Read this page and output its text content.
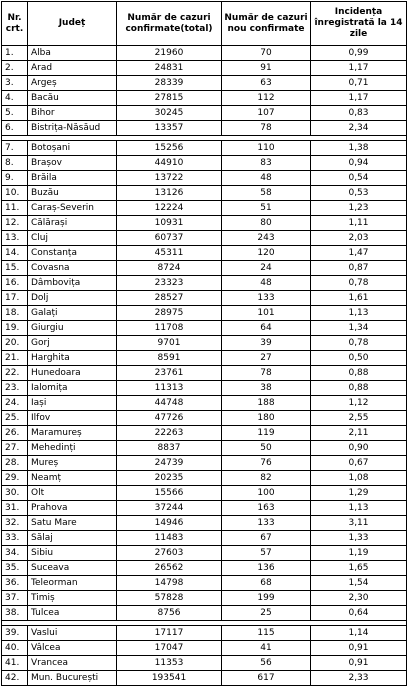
Nr. crt.	Județ	Număr de cazuri confirmate(total)	Număr de cazuri nou confirmate	Incidența înregistrată la 14 zile
1.	Alba	21960	70	0,99
2.	Arad	24831	91	1,17
3.	Argeș	28339	63	0,71
4.	Bacău	27815	112	1,17
5.	Bihor	30245	107	0,83
6.	Bistrița-Năsăud	13357	78	2,34

7.	Botoșani	15256	110	1,38
8.	Brașov	44910	83	0,94
9.	Brăila	13722	48	0,54
10.	Buzău	13126	58	0,53
11.	Caraș-Severin	12224	51	1,23
12.	Călărași	10931	80	1,11
13.	Cluj	60737	243	2,03
14.	Constanța	45311	120	1,47
15.	Covasna	8724	24	0,87
16.	Dâmbovița	23323	48	0,78
17.	Dolj	28527	133	1,61
18.	Galați	28975	101	1,13
19.	Giurgiu	11708	64	1,34
20.	Gorj	9701	39	0,78
21.	Harghita	8591	27	0,50
22.	Hunedoara	23761	78	0,88
23.	Ialomița	11313	38	0,88
24.	Iași	44748	188	1,12
25.	Ilfov	47726	180	2,55
26.	Maramureș	22263	119	2,11
27.	Mehedinți	8837	50	0,90
28.	Mureș	24739	76	0,67
29.	Neamț	20235	82	1,08
30.	Olt	15566	100	1,29
31.	Prahova	37244	163	1,13
32.	Satu Mare	14946	133	3,11
33.	Sălaj	11483	67	1,33
34.	Sibiu	27603	57	1,19
35.	Suceava	26562	136	1,65
36.	Teleorman	14798	68	1,54
37.	Timiș	57828	199	2,30
38.	Tulcea	8756	25	0,64

39.	Vaslui	17117	115	1,14
40.	Vâlcea	17047	41	0,91
41.	Vrancea	11353	56	0,91
42.	Mun. București	193541	617	2,33
